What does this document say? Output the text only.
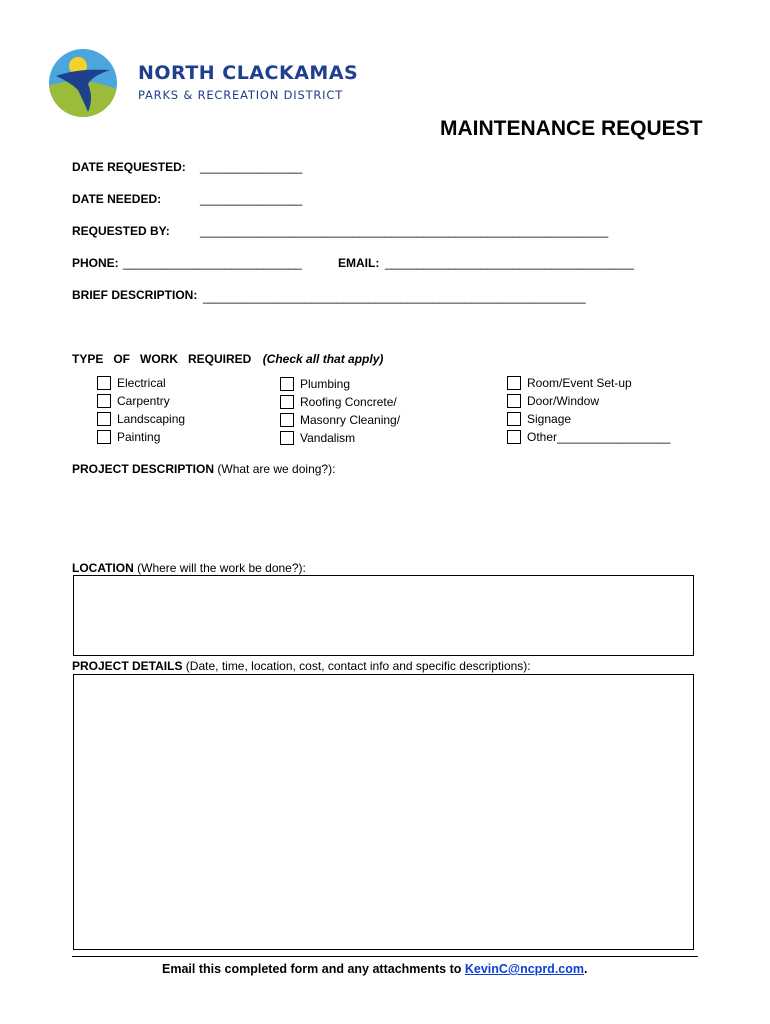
NORTH CLACKAMAS
PARKS & RECREATION DISTRICT
MAINTENANCE REQUEST
DATE REQUESTED: ________________
DATE NEEDED:	________________
REQUESTED BY:	________________________________________________________________
PHONE: ____________________________	EMAIL: _______________________________________
BRIEF DESCRIPTION: ____________________________________________________________
TYPE   OF   WORK   REQUIRED (Check all that apply)
Electrical
Carpentry
Landscaping
Painting
Plumbing
Roofing Concrete/
Masonry Cleaning/
Vandalism
Room/Event Set-up
Door/Window
Signage
Other_________________
PROJECT DESCRIPTION (What are we doing?):
LOCATION (Where will the work be done?):
PROJECT DETAILS (Date, time, location, cost, contact info and specific descriptions):
Email this completed form and any attachments to KevinC@ncprd.com.
